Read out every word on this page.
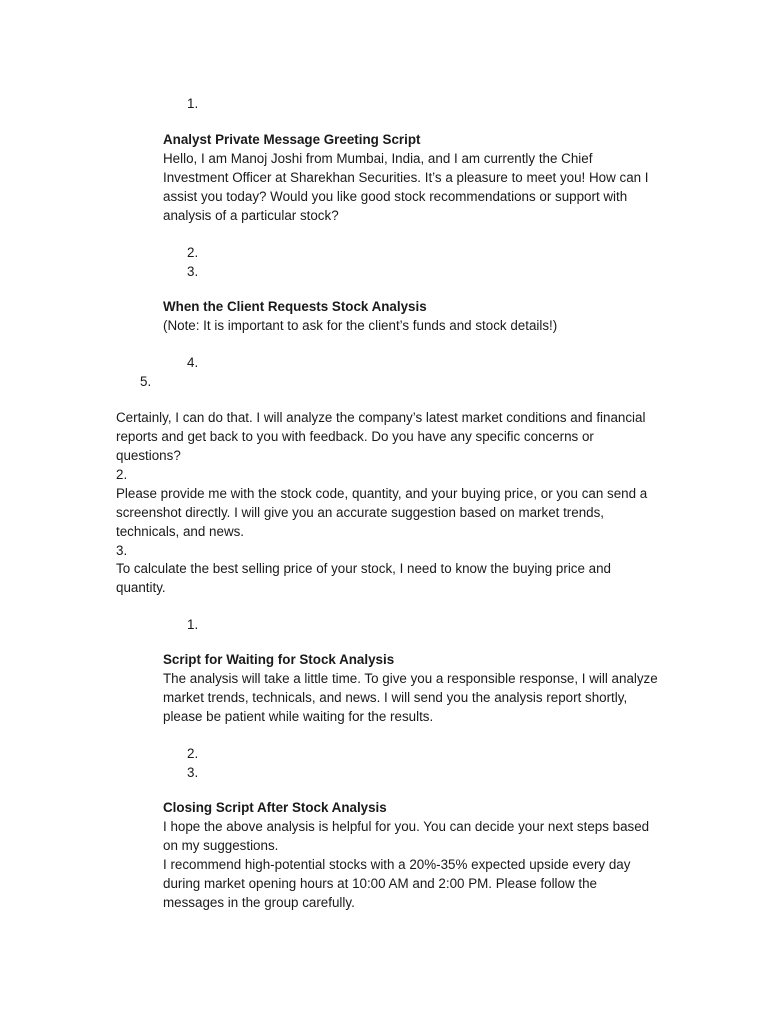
1.
Analyst Private Message Greeting Script

Hello, I am Manoj Joshi from Mumbai, India, and I am currently the Chief Investment Officer at Sharekhan Securities. It’s a pleasure to meet you! How can I assist you today? Would you like good stock recommendations or support with analysis of a particular stock?

2.
3.
When the Client Requests Stock Analysis

(Note: It is important to ask for the client’s funds and stock details!)

4.
5.

Certainly, I can do that. I will analyze the company’s latest market conditions and financial reports and get back to you with feedback. Do you have any specific concerns or questions?

2.

Please provide me with the stock code, quantity, and your buying price, or you can send a screenshot directly. I will give you an accurate suggestion based on market trends, technicals, and news.

3.

To calculate the best selling price of your stock, I need to know the buying price and quantity.

1.
Script for Waiting for Stock Analysis

The analysis will take a little time. To give you a responsible response, I will analyze market trends, technicals, and news. I will send you the analysis report shortly, please be patient while waiting for the results.

2.
3.
Closing Script After Stock Analysis

I hope the above analysis is helpful for you. You can decide your next steps based on my suggestions.

I recommend high-potential stocks with a 20%-35% expected upside every day during market opening hours at 10:00 AM and 2:00 PM. Please follow the messages in the group carefully.
